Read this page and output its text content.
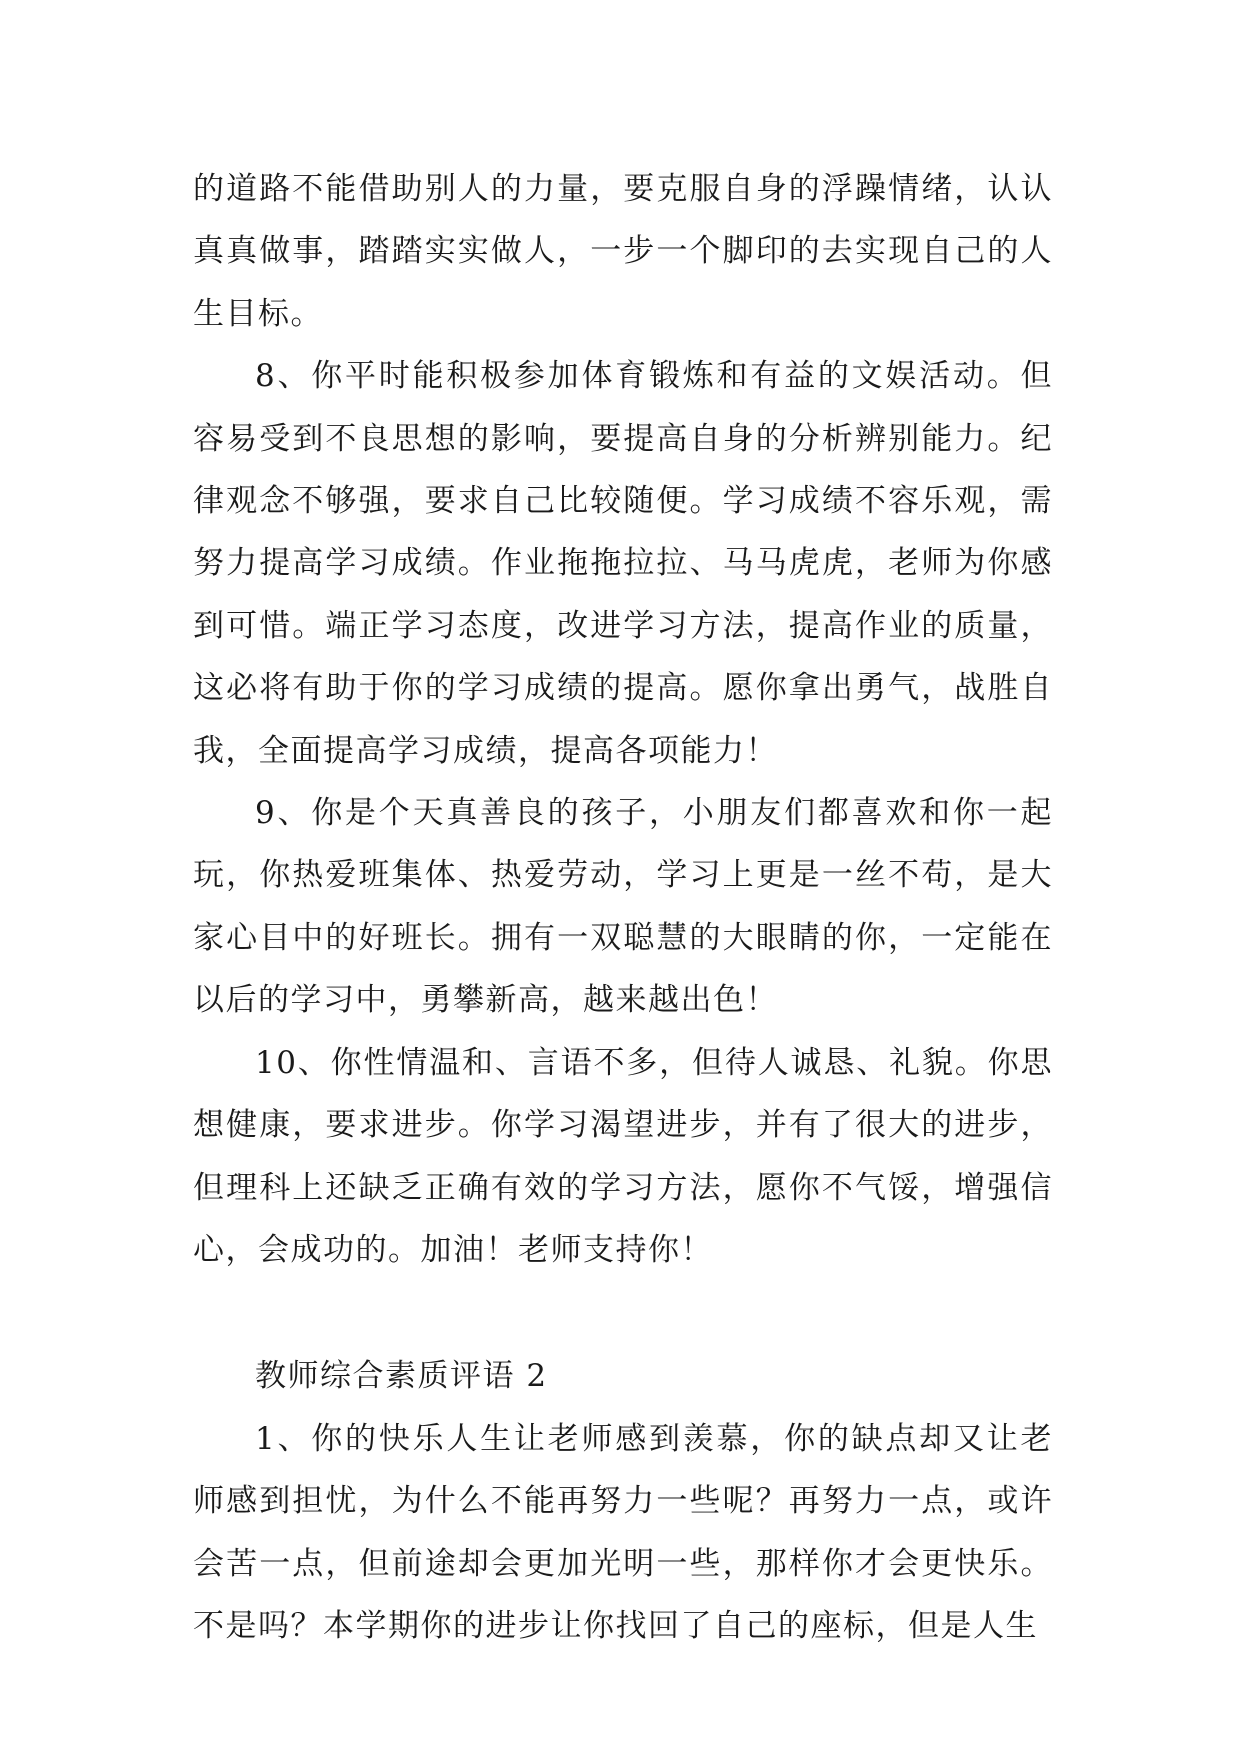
的道路不能借助别人的力量，要克服自身的浮躁情绪，认认真真做事，踏踏实实做人，一步一个脚印的去实现自己的人生目标。

8、你平时能积极参加体育锻炼和有益的文娱活动。但容易受到不良思想的影响，要提高自身的分析辨别能力。纪律观念不够强，要求自己比较随便。学习成绩不容乐观，需努力提高学习成绩。作业拖拖拉拉、马马虎虎，老师为你感到可惜。端正学习态度，改进学习方法，提高作业的质量，这必将有助于你的学习成绩的提高。愿你拿出勇气，战胜自我，全面提高学习成绩，提高各项能力！

9、你是个天真善良的孩子，小朋友们都喜欢和你一起玩，你热爱班集体、热爱劳动，学习上更是一丝不苟，是大家心目中的好班长。拥有一双聪慧的大眼睛的你，一定能在以后的学习中，勇攀新高，越来越出色！

10、你性情温和、言语不多，但待人诚恳、礼貌。你思想健康，要求进步。你学习渴望进步，并有了很大的进步，但理科上还缺乏正确有效的学习方法，愿你不气馁，增强信心，会成功的。加油！老师支持你！

教师综合素质评语 2

1、你的快乐人生让老师感到羡慕，你的缺点却又让老师感到担忧，为什么不能再努力一些呢？再努力一点，或许会苦一点，但前途却会更加光明一些，那样你才会更快乐。不是吗？本学期你的进步让你找回了自己的座标，但是人生
